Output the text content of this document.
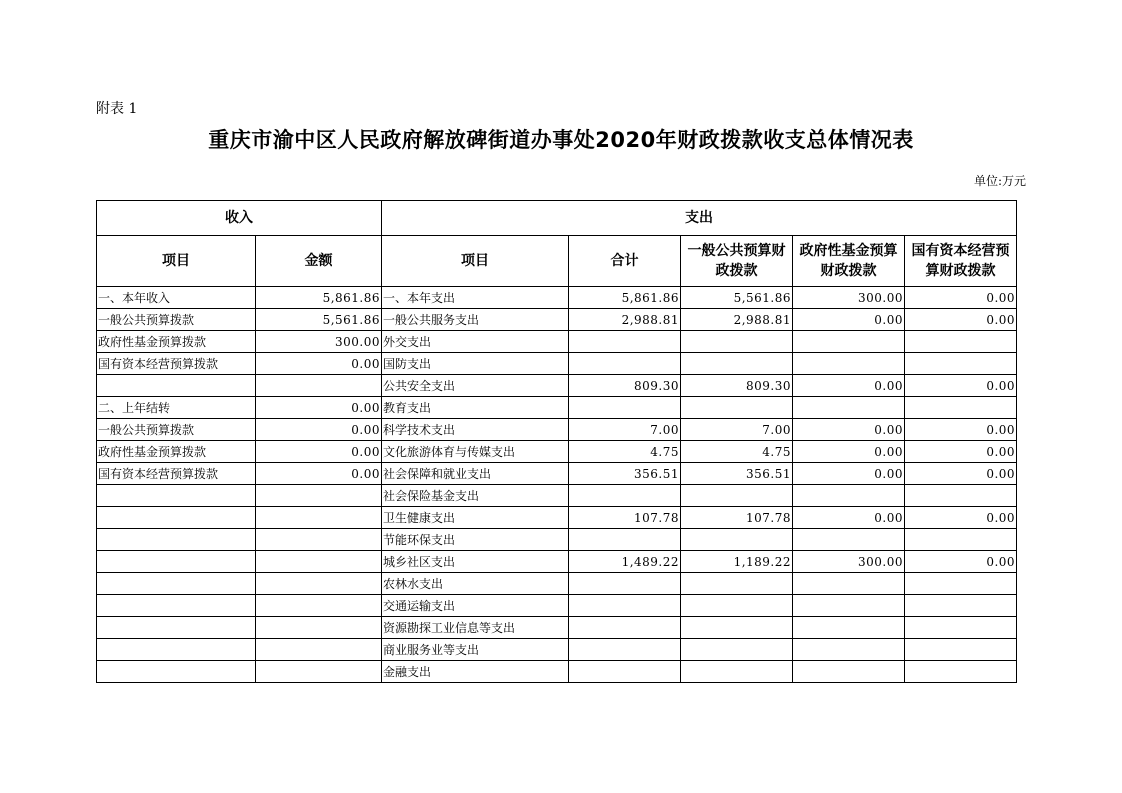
附表 1
重庆市渝中区人民政府解放碑街道办事处2020年财政拨款收支总体情况表
单位:万元
收入		支出				
项目	金额	项目	合计	一般公共预算财政拨款	政府性基金预算财政拨款	国有资本经营预算财政拨款
一、本年收入	5,861.86	一、本年支出	5,861.86	5,561.86	300.00	0.00
一般公共预算拨款	5,561.86	一般公共服务支出	2,988.81	2,988.81	0.00	0.00
政府性基金预算拨款	300.00	外交支出				
国有资本经营预算拨款	0.00	国防支出				
		公共安全支出	809.30	809.30	0.00	0.00
二、上年结转	0.00	教育支出				
一般公共预算拨款	0.00	科学技术支出	7.00	7.00	0.00	0.00
政府性基金预算拨款	0.00	文化旅游体育与传媒支出	4.75	4.75	0.00	0.00
国有资本经营预算拨款	0.00	社会保障和就业支出	356.51	356.51	0.00	0.00
		社会保险基金支出				
		卫生健康支出	107.78	107.78	0.00	0.00
		节能环保支出				
		城乡社区支出	1,489.22	1,189.22	300.00	0.00
		农林水支出				
		交通运输支出				
		资源勘探工业信息等支出				
		商业服务业等支出				
		金融支出				
